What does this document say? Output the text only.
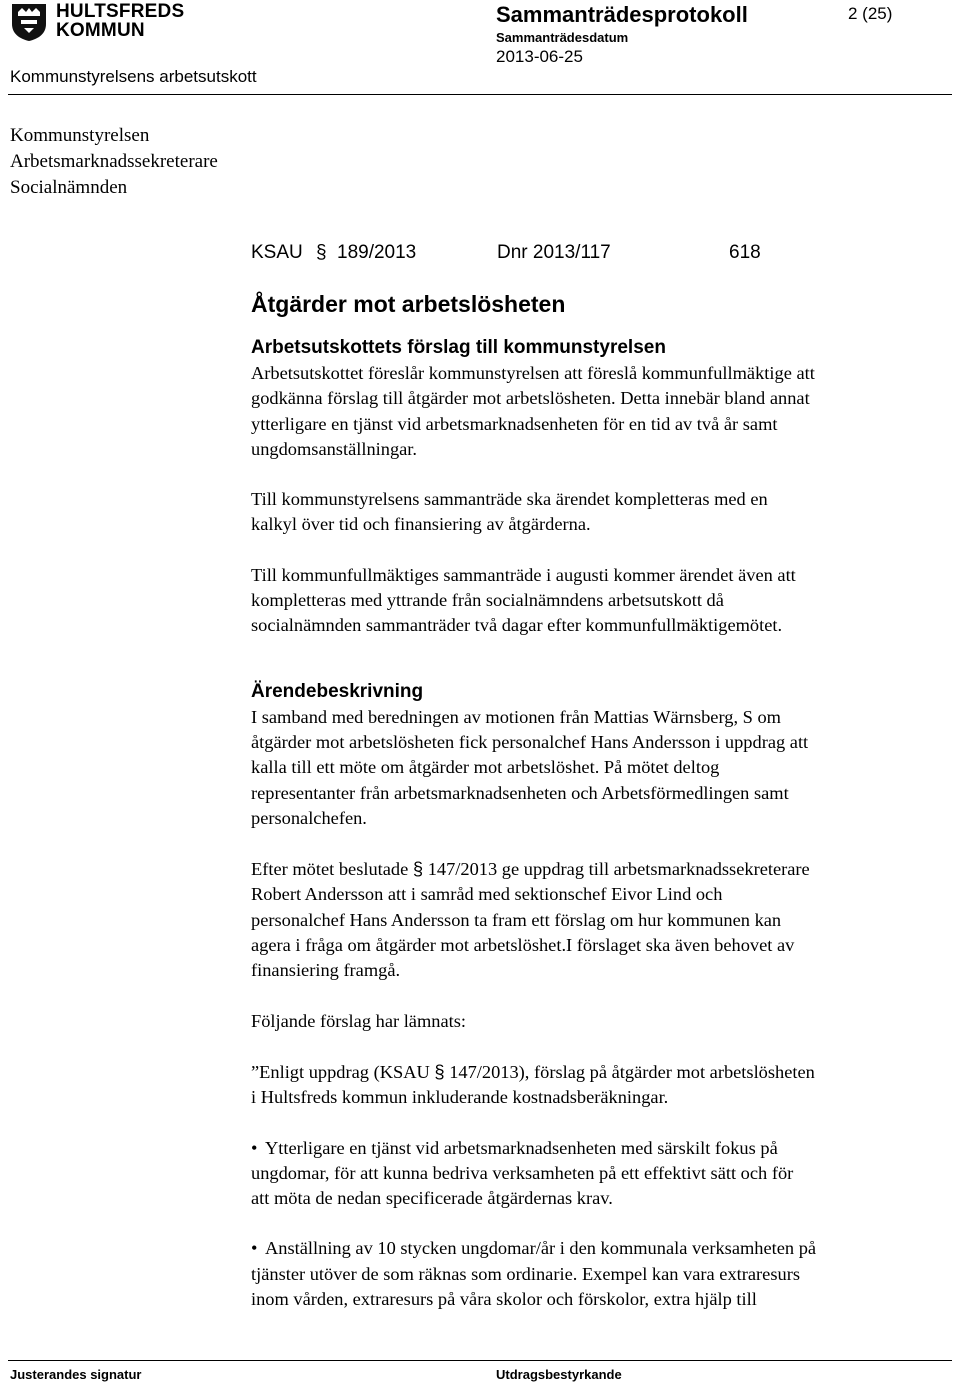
HULTSFREDS
KOMMUN
Kommunstyrelsens arbetsutskott
Sammanträdesprotokoll
Sammanträdesdatum
2013-06-25
2 (25)
Kommunstyrelsen
Arbetsmarknadssekreterare
Socialnämnden
KSAU § 189/2013	Dnr 2013/117	618
Åtgärder mot arbetslösheten
Arbetsutskottets förslag till kommunstyrelsen

Arbetsutskottet föreslår kommunstyrelsen att föreslå kommunfullmäktige att
godkänna förslag till åtgärder mot arbetslösheten. Detta innebär bland annat
ytterligare en tjänst vid arbetsmarknadsenheten för en tid av två år samt
ungdomsanställningar.

Till kommunstyrelsens sammanträde ska ärendet kompletteras med en
kalkyl över tid och finansiering av åtgärderna.

Till kommunfullmäktiges sammanträde i augusti kommer ärendet även att
kompletteras med yttrande från socialnämndens arbetsutskott då
socialnämnden sammanträder två dagar efter kommunfullmäktigemötet.

Ärendebeskrivning

I samband med beredningen av motionen från Mattias Wärnsberg, S om
åtgärder mot arbetslösheten fick personalchef Hans Andersson i uppdrag att
kalla till ett möte om åtgärder mot arbetslöshet. På mötet deltog
representanter från arbetsmarknadsenheten och Arbetsförmedlingen samt
personalchefen.

Efter mötet beslutade § 147/2013 ge uppdrag till arbetsmarknadssekreterare
Robert Andersson att i samråd med sektionschef Eivor Lind och
personalchef Hans Andersson ta fram ett förslag om hur kommunen kan
agera i fråga om åtgärder mot arbetslöshet.I förslaget ska även behovet av
finansiering framgå.

Följande förslag har lämnats:

”Enligt uppdrag (KSAU § 147/2013), förslag på åtgärder mot arbetslösheten
i Hultsfreds kommun inkluderande kostnadsberäkningar.

• Ytterligare en tjänst vid arbetsmarknadsenheten med särskilt fokus på
ungdomar, för att kunna bedriva verksamheten på ett effektivt sätt och för
att möta de nedan specificerade åtgärdernas krav.

• Anställning av 10 stycken ungdomar/år i den kommunala verksamheten på
tjänster utöver de som räknas som ordinarie. Exempel kan vara extraresurs
inom vården, extraresurs på våra skolor och förskolor, extra hjälp till

Justerandes signatur	Utdragsbestyrkande
